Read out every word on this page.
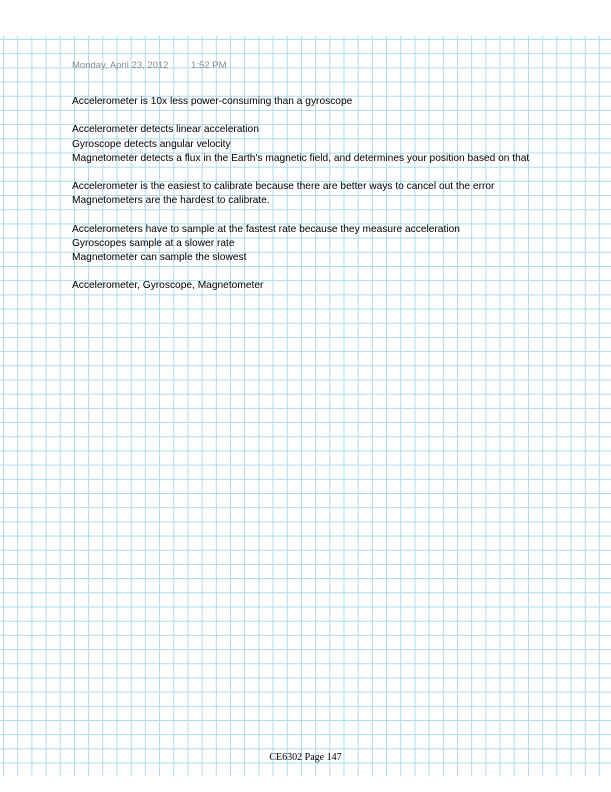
Monday, April 23, 2012 1:52 PM
Accelerometer is 10x less power-consuming than a gyroscope
Accelerometer detects linear acceleration
Gyroscope detects angular velocity
Magnetometer detects a flux in the Earth's magnetic field, and determines your position based on that
Accelerometer is the easiest to calibrate because there are better ways to cancel out the error
Magnetometers are the hardest to calibrate.
Accelerometers have to sample at the fastest rate because they measure acceleration
Gyroscopes sample at a slower rate
Magnetometer can sample the slowest
Accelerometer, Gyroscope, Magnetometer
CE6302 Page 147
